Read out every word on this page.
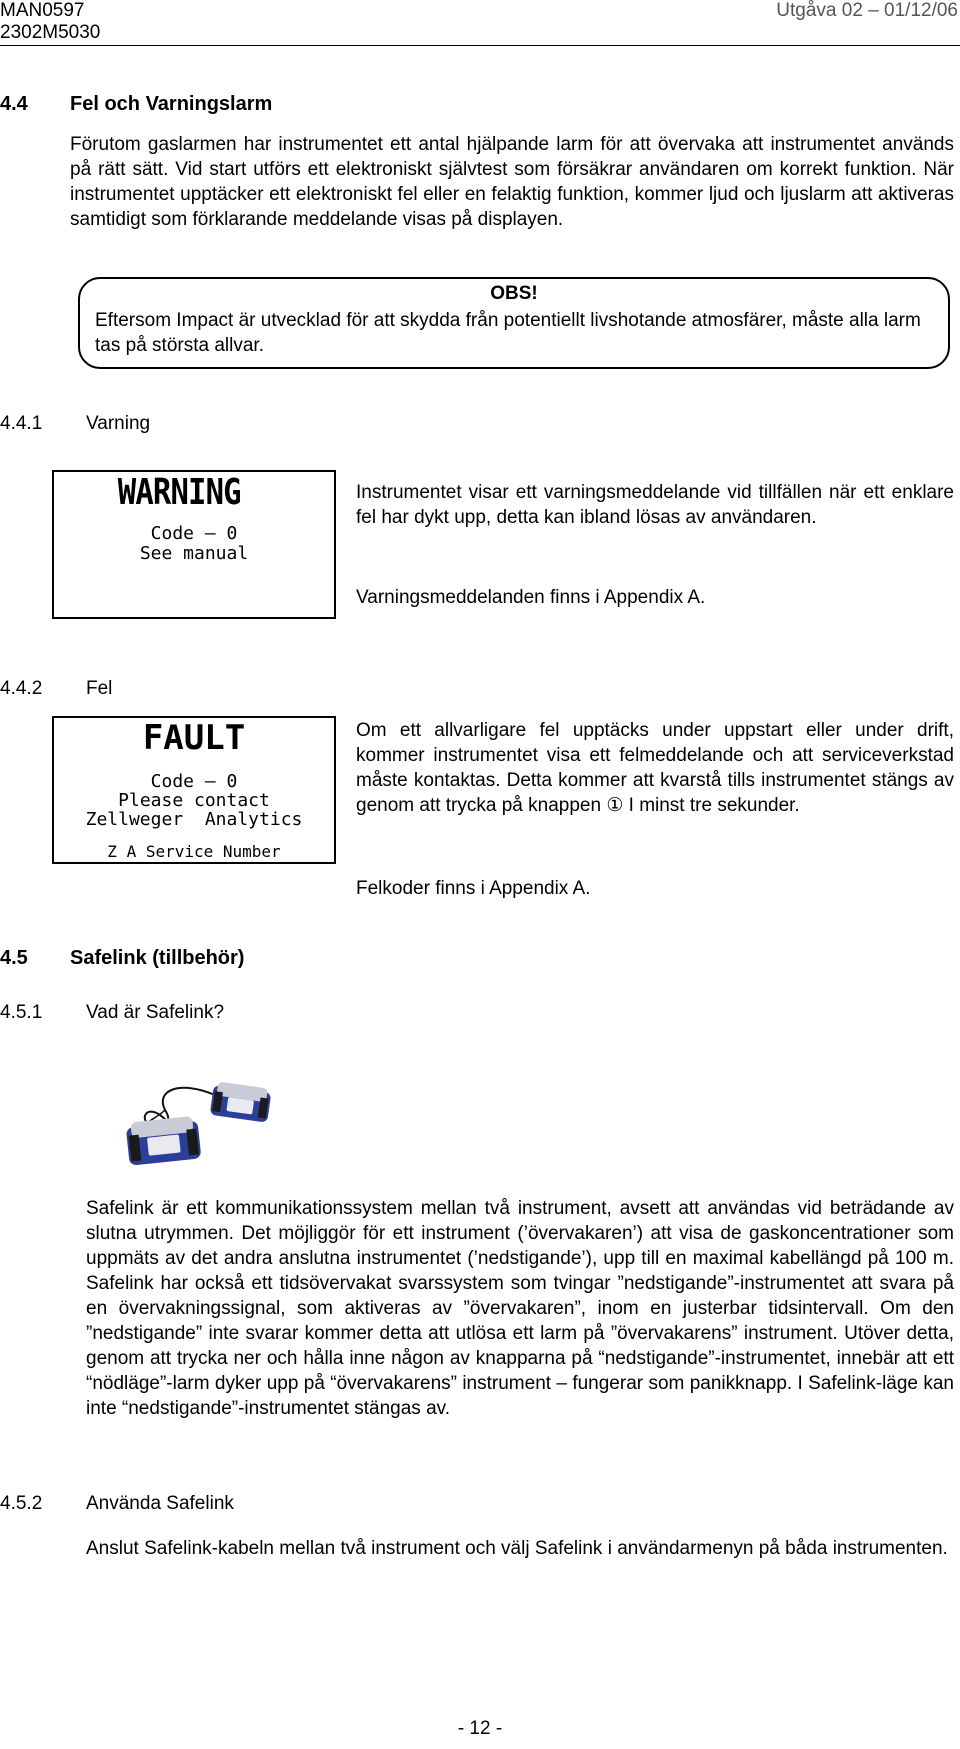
MAN0597
2302M5030
Utgåva 02 – 01/12/06
4.4 Fel och Varningslarm

Förutom gaslarmen har instrumentet ett antal hjälpande larm för att övervaka att instrumentet används på rätt sätt. Vid start utförs ett elektroniskt självtest som försäkrar användaren om korrekt funktion. När instrumentet upptäcker ett elektroniskt fel eller en felaktig funktion, kommer ljud och ljuslarm att aktiveras samtidigt som förklarande meddelande visas på displayen.

OBS!

Eftersom Impact är utvecklad för att skydda från potentiellt livshotande atmosfärer, måste alla larm tas på största allvar.

4.4.1 Varning
WARNING
Code – 0
See manual

Instrumentet visar ett varningsmeddelande vid tillfällen när ett enklare fel har dykt upp, detta kan ibland lösas av användaren.

Varningsmeddelanden finns i Appendix A.
4.4.2 Fel
FAULT
Code – 0
Please contact
Zellweger  Analytics
Z A Service Number

Om ett allvarligare fel upptäcks under uppstart eller under drift, kommer instrumentet visa ett felmeddelande och att serviceverkstad måste kontaktas. Detta kommer att kvarstå tills instrumentet stängs av genom att trycka på knappen ① I minst tre sekunder.

Felkoder finns i Appendix A.
4.5 Safelink (tillbehör)
4.5.1 Vad är Safelink?

Safelink är ett kommunikationssystem mellan två instrument, avsett att användas vid beträdande av slutna utrymmen. Det möjliggör för ett instrument (’övervakaren’) att visa de gaskoncentrationer som uppmäts av det andra anslutna instrumentet (’nedstigande’), upp till en maximal kabellängd på 100 m. Safelink har också ett tidsövervakat svarssystem som tvingar ”nedstigande”-instrumentet att svara på en övervakningssignal, som aktiveras av ”övervakaren”, inom en justerbar tidsintervall. Om den ”nedstigande” inte svarar kommer detta att utlösa ett larm på ”övervakarens” instrument. Utöver detta, genom att trycka ner och hålla inne någon av knapparna på “nedstigande”-instrumentet, innebär att ett “nödläge”-larm dyker upp på “övervakarens” instrument – fungerar som panikknapp. I Safelink-läge kan inte “nedstigande”-instrumentet stängas av.

4.5.2 Använda Safelink

Anslut Safelink-kabeln mellan två instrument och välj Safelink i användarmenyn på båda instrumenten.

- 12 -
